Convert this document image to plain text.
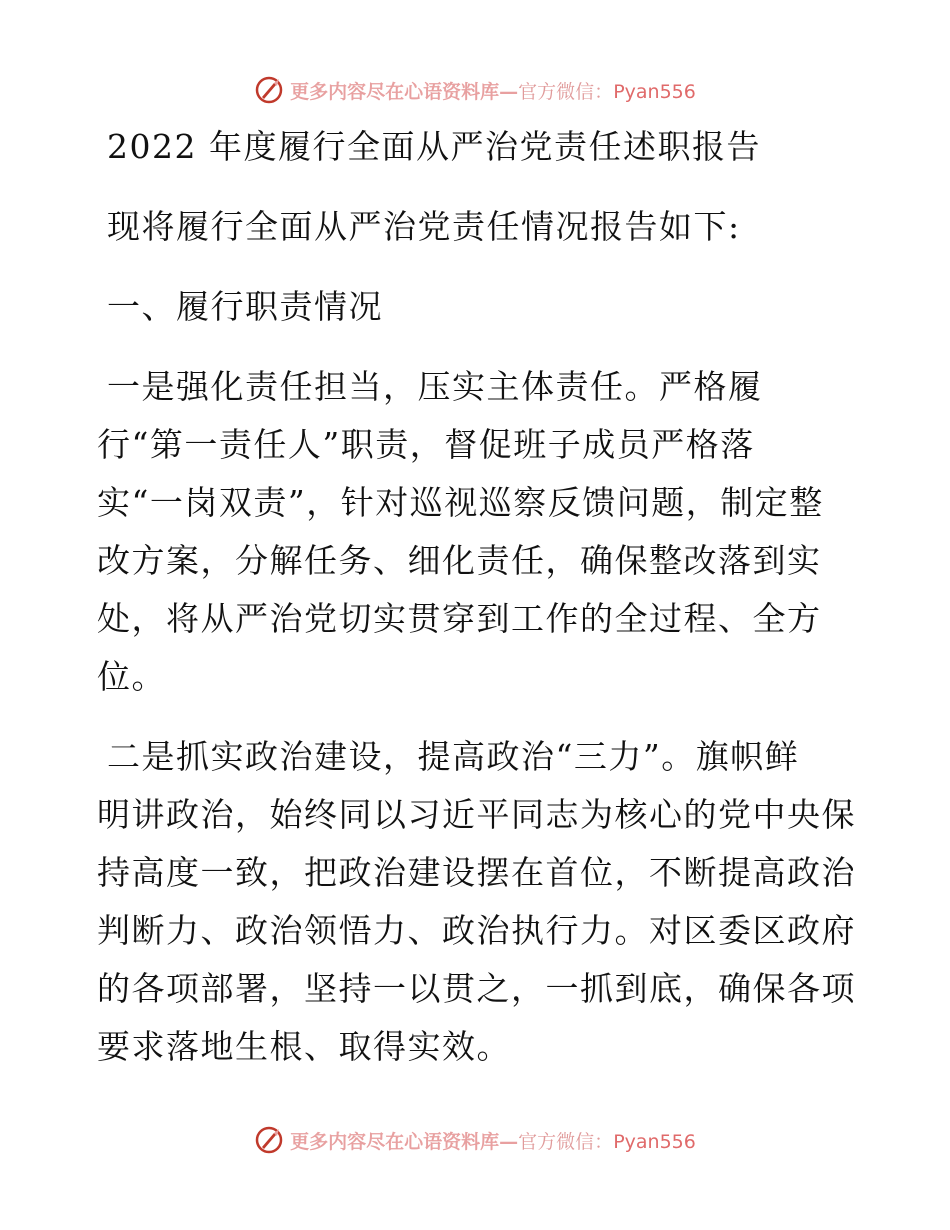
更多内容尽在心语资料库—官方微信：Pyan556
2022 年度履行全面从严治党责任述职报告
现将履行全面从严治党责任情况报告如下:
一、履行职责情况
一是强化责任担当，压实主体责任。严格履
行“第一责任人”职责，督促班子成员严格落
实“一岗双责”，针对巡视巡察反馈问题，制定整
改方案，分解任务、细化责任，确保整改落到实
处，将从严治党切实贯穿到工作的全过程、全方
位。
二是抓实政治建设，提高政治“三力”。旗帜鲜
明讲政治，始终同以习近平同志为核心的党中央保
持高度一致，把政治建设摆在首位，不断提高政治
判断力、政治领悟力、政治执行力。对区委区政府
的各项部署，坚持一以贯之，一抓到底，确保各项
要求落地生根、取得实效。
更多内容尽在心语资料库—官方微信：Pyan556
